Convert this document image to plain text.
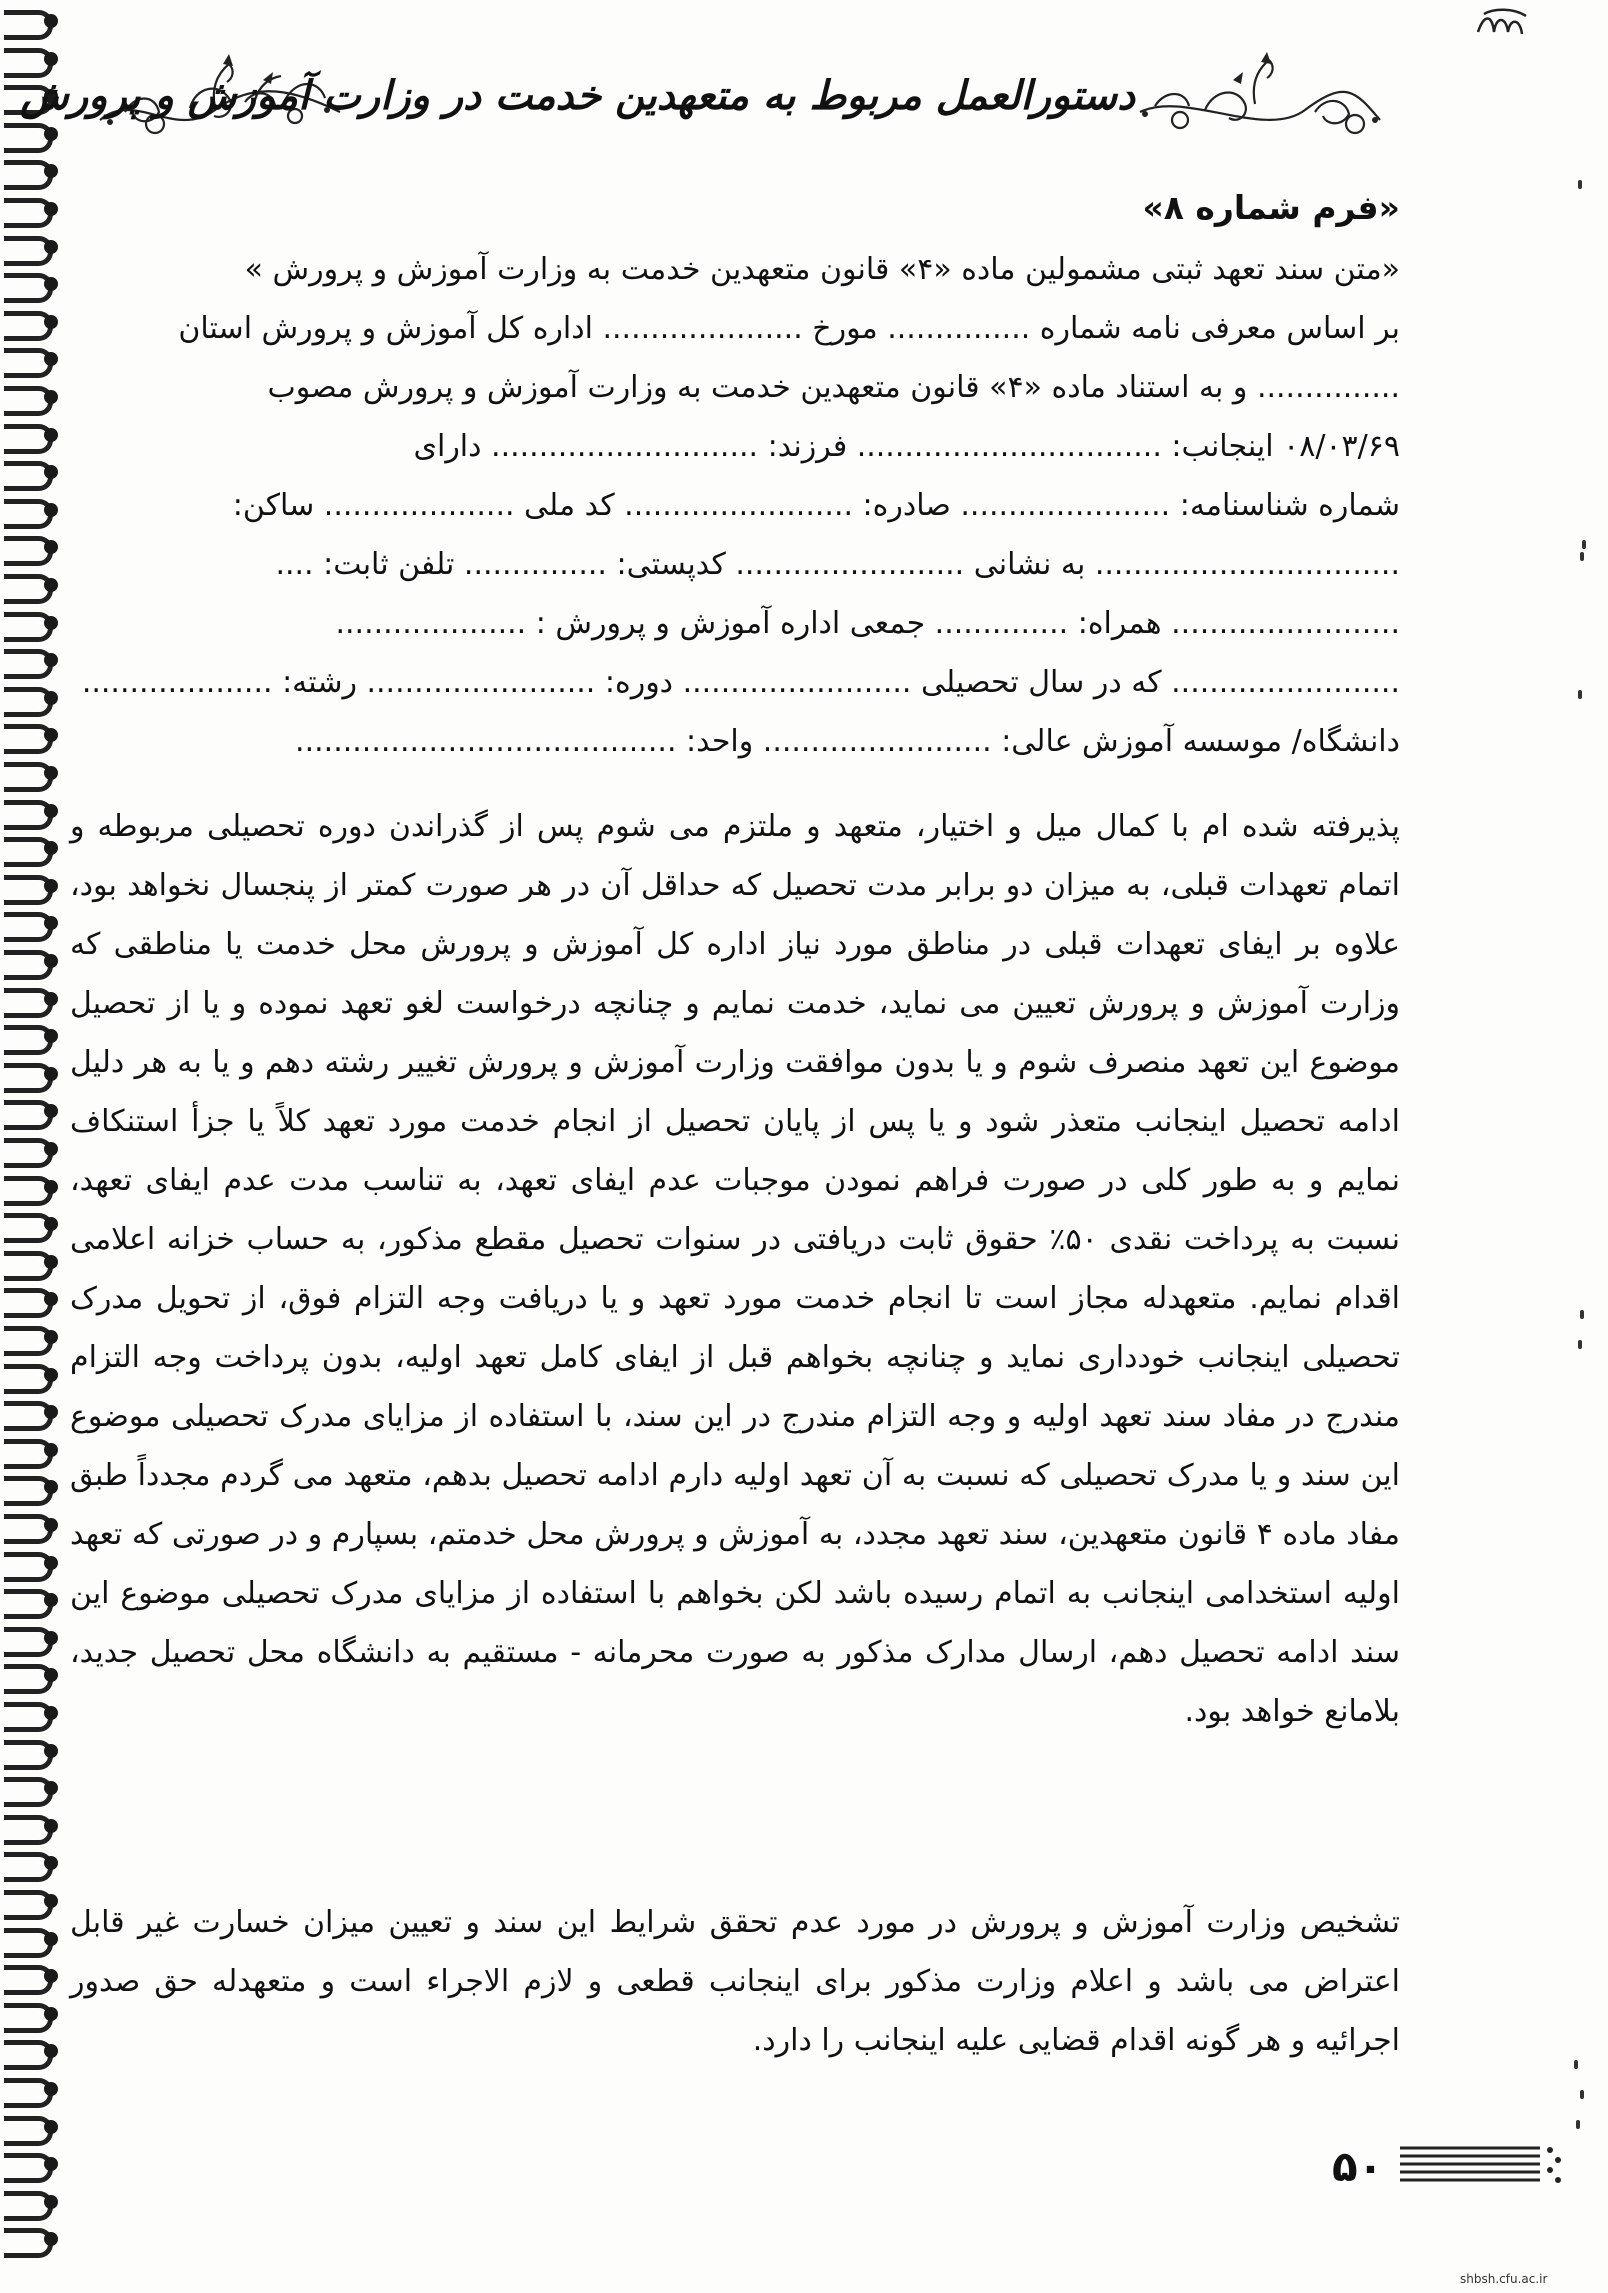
دستورالعمل مربوط به متعهدین خدمت در وزارت آموزش و پرورش
«فرم شماره ۸»
«متن سند تعهد ثبتی مشمولین ماده «۴» قانون متعهدین خدمت به وزارت آموزش و پرورش »
بر اساس معرفی نامه شماره ............... مورخ ..................... اداره کل آموزش و پرورش استان
............... و به استناد ماده «۴» قانون متعهدین خدمت به وزارت آموزش و پرورش مصوب
۰۸/۰۳/۶۹ اینجانب: ................................ فرزند: ............................ دارای
شماره شناسنامه: ...................... صادره: ........................ کد ملی .................... ساکن:
................................ به نشانی ........................ کدپستی: ............... تلفن ثابت: ....
........................ همراه: .............. جمعی اداره آموزش و پرورش : ....................
........................ که در سال تحصیلی ........................ دوره: ........................ رشته: ....................
دانشگاه/ موسسه آموزش عالی: ........................ واحد: ........................................
پذیرفته شده ام با کمال میل و اختیار، متعهد و ملتزم می شوم پس از گذراندن دوره تحصیلی مربوطه و اتمام تعهدات قبلی، به میزان دو برابر مدت تحصیل که حداقل آن در هر صورت کمتر از پنجسال نخواهد بود، علاوه بر ایفای تعهدات قبلی در مناطق مورد نیاز اداره کل آموزش و پرورش محل خدمت یا مناطقی که وزارت آموزش و پرورش تعیین می نماید، خدمت نمایم و چنانچه درخواست لغو تعهد نموده و یا از تحصیل موضوع این تعهد منصرف شوم و یا بدون موافقت وزارت آموزش و پرورش تغییر رشته دهم و یا به هر دلیل ادامه تحصیل اینجانب متعذر شود و یا پس از پایان تحصیل از انجام خدمت مورد تعهد کلاً یا جزأ استنکاف نمایم و به طور کلی در صورت فراهم نمودن موجبات عدم ایفای تعهد، به تناسب مدت عدم ایفای تعهد، نسبت به پرداخت نقدی ۵۰٪ حقوق ثابت دریافتی در سنوات تحصیل مقطع مذکور، به حساب خزانه اعلامی اقدام نمایم. متعهدله مجاز است تا انجام خدمت مورد تعهد و یا دریافت وجه التزام فوق، از تحویل مدرک تحصیلی اینجانب خودداری نماید و چنانچه بخواهم قبل از ایفای کامل تعهد اولیه، بدون پرداخت وجه التزام مندرج در مفاد سند تعهد اولیه و وجه التزام مندرج در این سند، با استفاده از مزایای مدرک تحصیلی موضوع این سند و یا مدرک تحصیلی که نسبت به آن تعهد اولیه دارم ادامه تحصیل بدهم، متعهد می گردم مجدداً طبق مفاد ماده ۴ قانون متعهدین، سند تعهد مجدد، به آموزش و پرورش محل خدمتم، بسپارم و در صورتی که تعهد اولیه استخدامی اینجانب به اتمام رسیده باشد لکن بخواهم با استفاده از مزایای مدرک تحصیلی موضوع این سند ادامه تحصیل دهم، ارسال مدارک مذکور به صورت محرمانه - مستقیم به دانشگاه محل تحصیل جدید، بلامانع خواهد بود.
تشخیص وزارت آموزش و پرورش در مورد عدم تحقق شرایط این سند و تعیین میزان خسارت غیر قابل اعتراض می باشد و اعلام وزارت مذکور برای اینجانب قطعی و لازم الاجراء است و متعهدله حق صدور اجرائیه و هر گونه اقدام قضایی علیه اینجانب را دارد.
۵۰
shbsh.cfu.ac.ir
